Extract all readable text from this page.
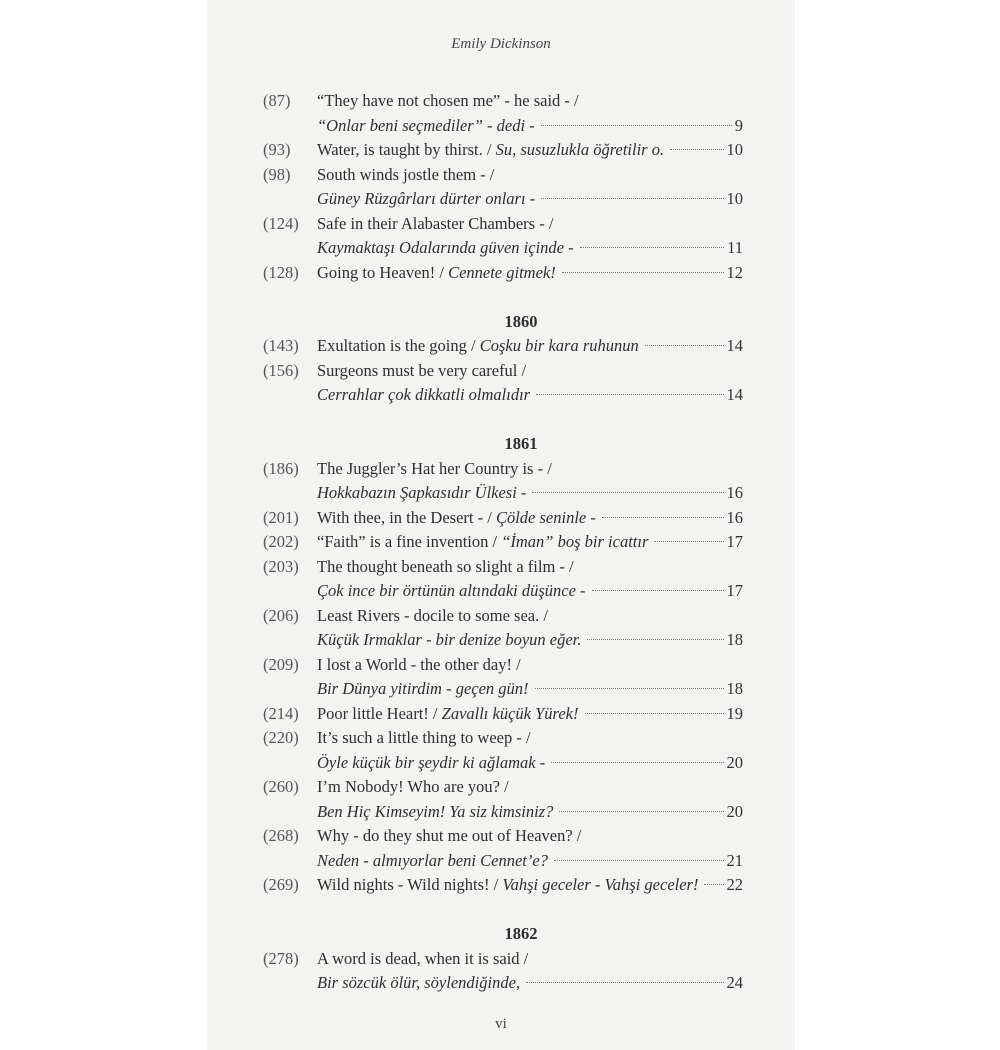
Emily Dickinson
(87)	“They have not chosen me” - he said - /
“Onlar beni seçmediler” - dedi -	9
(93)	Water, is taught by thirst. / Su, susuzlukla öğretilir o.	10
(98)	South winds jostle them - /
Güney Rüzgârları dürter onları -	10
(124)	Safe in their Alabaster Chambers - /
Kaymaktaşı Odalarında güven içinde -	11
(128)	Going to Heaven! / Cennete gitmek!	12
1860
(143)	Exultation is the going / Coşku bir kara ruhunun	14
(156)	Surgeons must be very careful /
Cerrahlar çok dikkatli olmalıdır	14
1861
(186)	The Juggler’s Hat her Country is - /
Hokkabazın Şapkasıdır Ülkesi -	16
(201)	With thee, in the Desert - / Çölde seninle -	16
(202)	“Faith” is a fine invention / “İman” boş bir icattır	17
(203)	The thought beneath so slight a film - /
Çok ince bir örtünün altındaki düşünce -	17
(206)	Least Rivers - docile to some sea. /
Küçük Irmaklar - bir denize boyun eğer.	18
(209)	I lost a World - the other day! /
Bir Dünya yitirdim - geçen gün!	18
(214)	Poor little Heart! / Zavallı küçük Yürek!	19
(220)	It’s such a little thing to weep - /
Öyle küçük bir şeydir ki ağlamak -	20
(260)	I’m Nobody! Who are you? /
Ben Hiç Kimseyim! Ya siz kimsiniz?	20
(268)	Why - do they shut me out of Heaven? /
Neden - almıyorlar beni Cennet’e?	21
(269)	Wild nights - Wild nights! / Vahşi geceler - Vahşi geceler! 22
1862
(278)	A word is dead, when it is said /
Bir sözcük ölür, söylendiğinde,	24
vi
